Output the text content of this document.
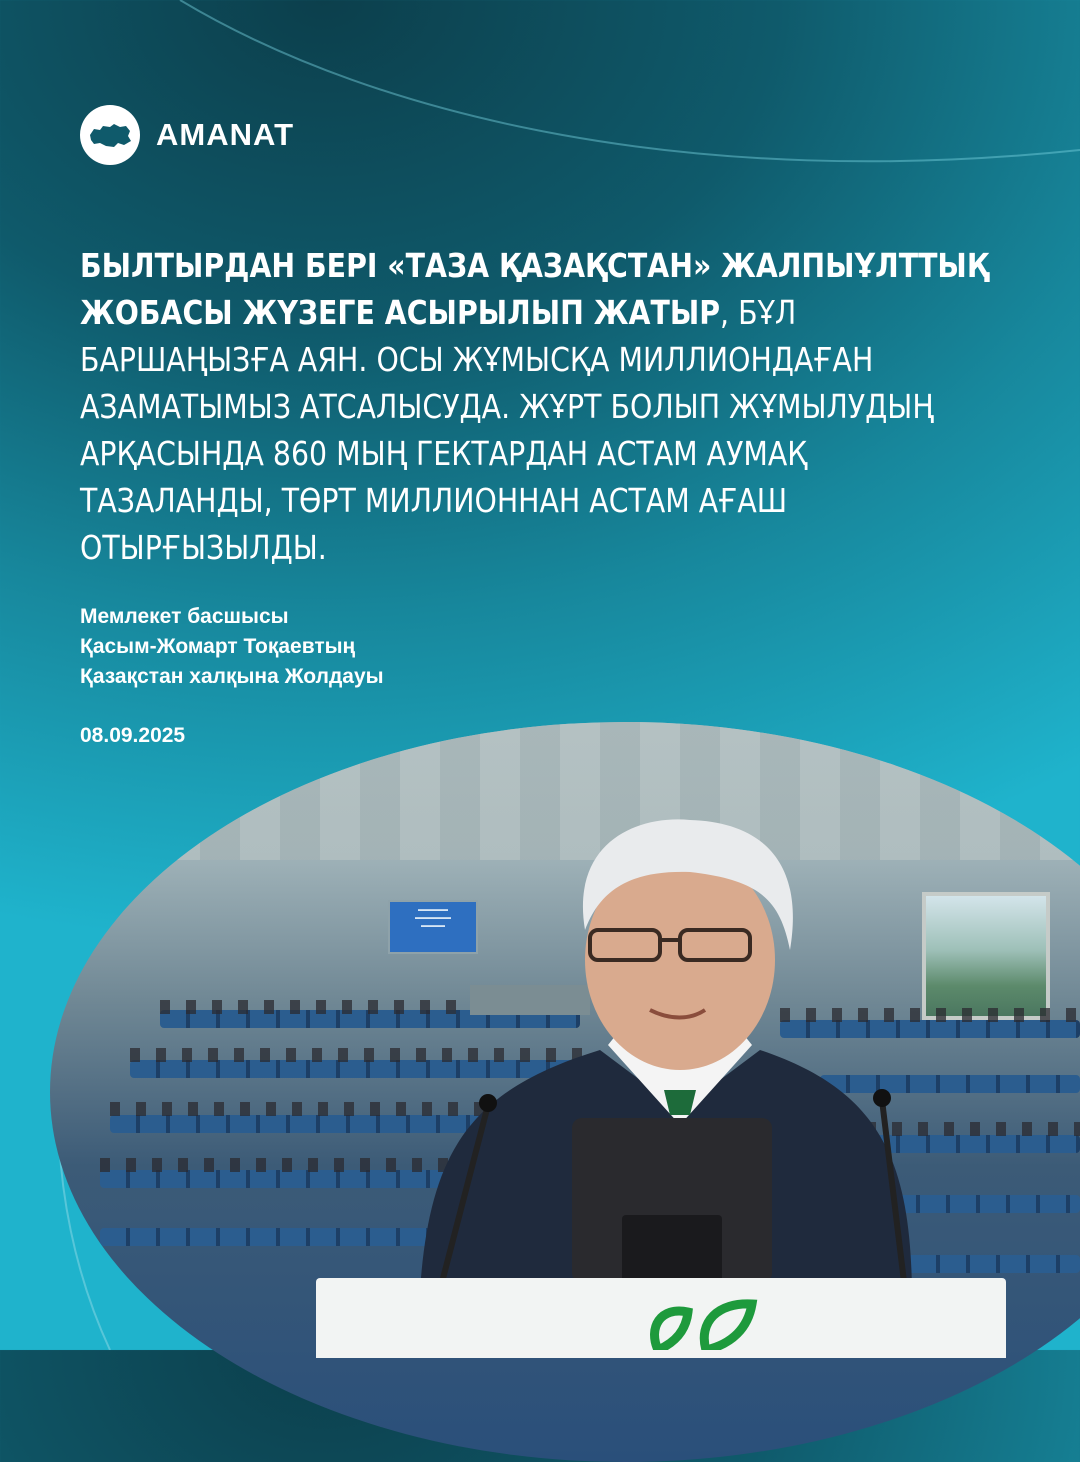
AMANAT

БЫЛТЫРДАН БЕРІ «ТАЗА ҚАЗАҚСТАН» ЖАЛПЫҰЛТТЫҚ ЖОБАСЫ ЖҮЗЕГЕ АСЫРЫЛЫП ЖАТЫР, БҰЛ БАРШАҢЫЗҒА АЯН. ОСЫ ЖҰМЫСҚА МИЛЛИОНДАҒАН АЗАМАТЫМЫЗ АТСАЛЫСУДА. ЖҰРТ БОЛЫП ЖҰМЫЛУДЫҢ АРҚАСЫНДА 860 МЫҢ ГЕКТАРДАН АСТАМ АУМАҚ ТАЗАЛАНДЫ, ТӨРТ МИЛЛИОННАН АСТАМ АҒАШ ОТЫРҒЫЗЫЛДЫ.

Мемлекет басшысы
Қасым-Жомарт Тоқаевтың
Қазақстан халқына Жолдауы
▬▬▬▬▬
▬▬▬▬▬▬
▬▬▬▬
